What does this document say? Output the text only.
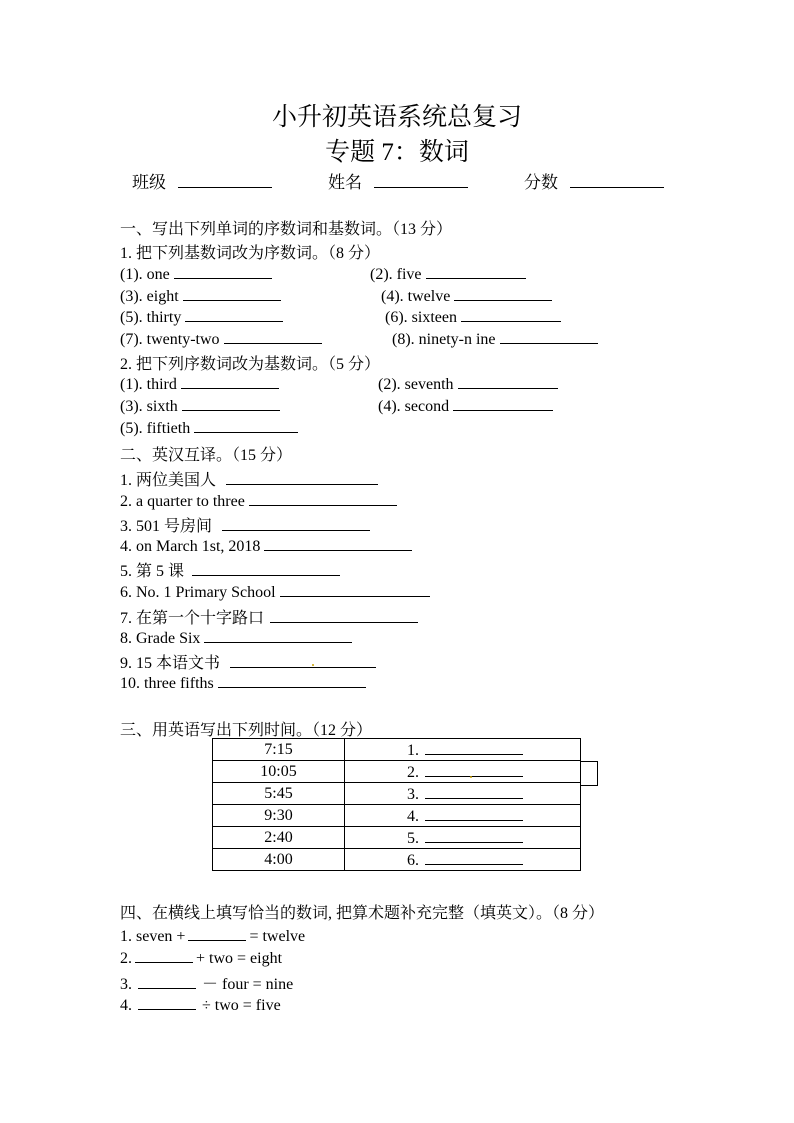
小升初英语系统总复习
专题 7：数词
班级	姓名	分数
一、写出下列单词的序数词和基数词。（13 分）
1. 把下列基数词改为序数词。（8 分）
(1). one	(2). five
(3). eight	(4). twelve
(5). thirty	(6). sixteen
(7). twenty-two	(8). ninety-n ine
2. 把下列序数词改为基数词。（5 分）
(1). third	(2). seventh
(3). sixth	(4). second
(5). fiftieth
二、英汉互译。（15 分）
1. 两位美国人
2. a quarter to three
3. 501 号房间
4. on March 1st, 2018
5. 第 5 课
6. No. 1 Primary School
7. 在第一个十字路口
8. Grade Six
9. 15 本语文书
10. three fifths
三、用英语写出下列时间。（12 分）
7:15	1.
10:05	2.
5:45	3.
9:30	4.
2:40	5.
4:00	6.
四、在横线上填写恰当的数词, 把算术题补充完整（填英文）。（8 分）
1. seven +	= twelve
2.	+ two = eight
3.	－ four = nine
4.	÷ two = five
